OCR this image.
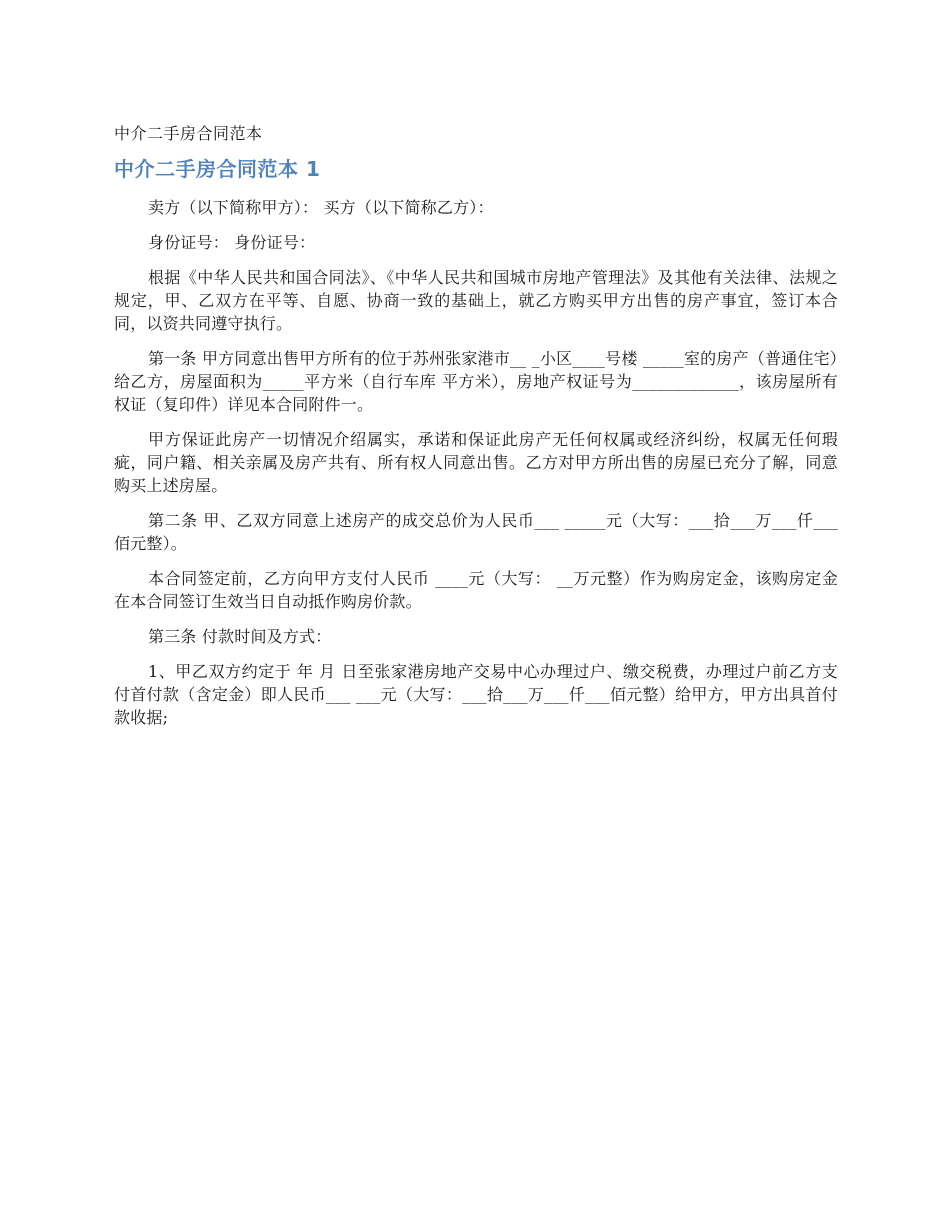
中介二手房合同范本
中介二手房合同范本 1

卖方（以下简称甲方）： 买方（以下简称乙方）：

身份证号： 身份证号：

根据《中华人民共和国合同法》、《中华人民共和国城市房地产管理法》及其他有关法律、法规之规定，甲、乙双方在平等、自愿、协商一致的基础上，就乙方购买甲方出售的房产事宜，签订本合同，以资共同遵守执行。

第一条 甲方同意出售甲方所有的位于苏州张家港市__ _小区____号楼 _____室的房产（普通住宅）给乙方，房屋面积为_____平方米（自行车库 平方米），房地产权证号为_____________，该房屋所有权证（复印件）详见本合同附件一。

甲方保证此房产一切情况介绍属实，承诺和保证此房产无任何权属或经济纠纷，权属无任何瑕疵，同户籍、相关亲属及房产共有、所有权人同意出售。乙方对甲方所出售的房屋已充分了解，同意购买上述房屋。

第二条 甲、乙双方同意上述房产的成交总价为人民币___ _____元（大写：___拾___万___仟___佰元整）。

本合同签定前，乙方向甲方支付人民币 ____元（大写： __万元整）作为购房定金，该购房定金在本合同签订生效当日自动抵作购房价款。

第三条 付款时间及方式：

1、甲乙双方约定于 年 月 日至张家港房地产交易中心办理过户、缴交税费，办理过户前乙方支付首付款（含定金）即人民币___ ___元（大写：___拾___万___仟___佰元整）给甲方，甲方出具首付款收据;
